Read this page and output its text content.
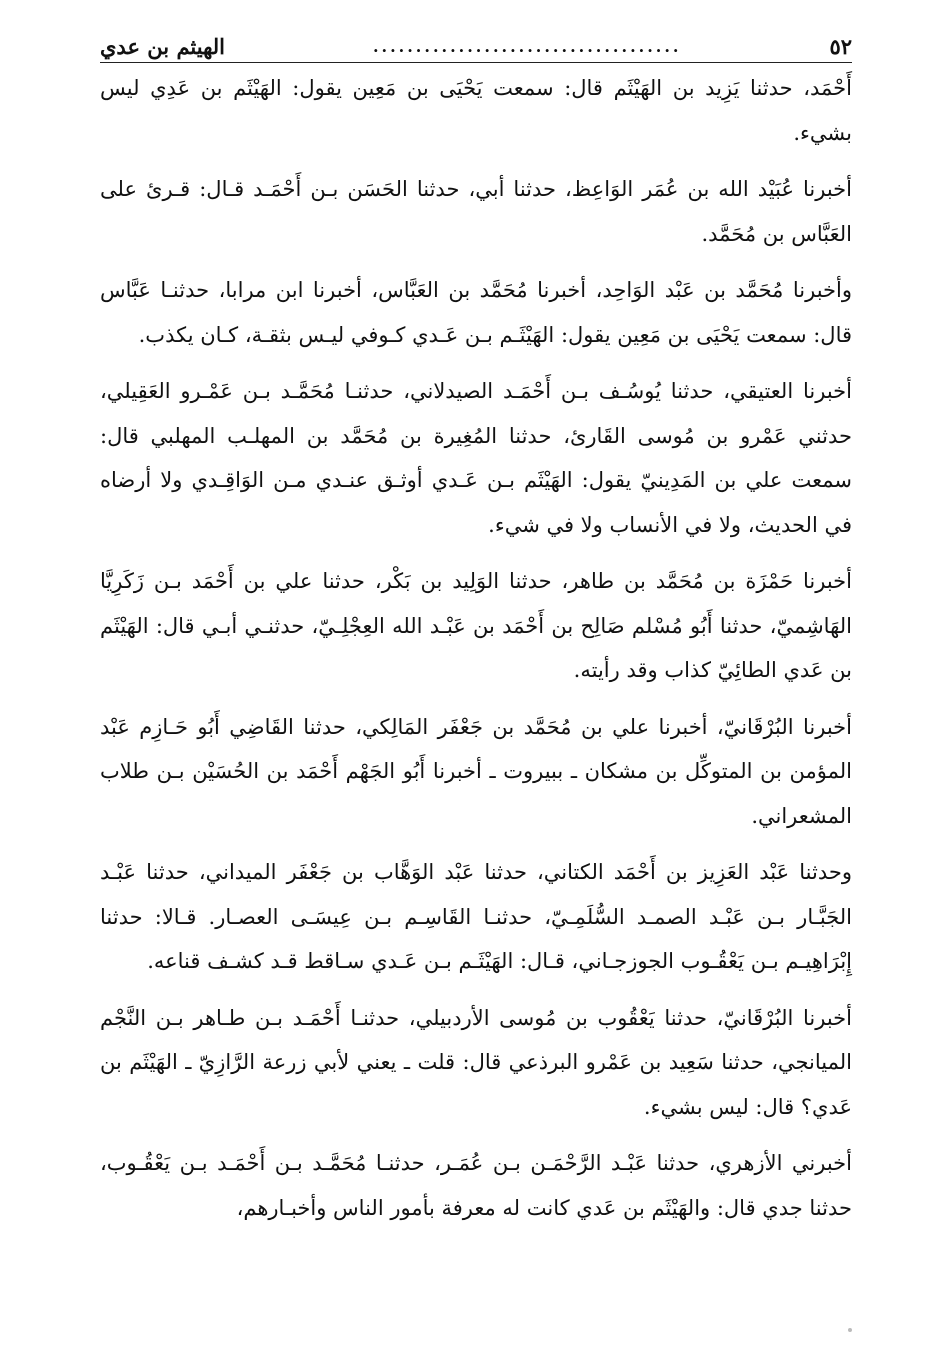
٥٢
....................................
الهيثم بن عدي

أَحْمَد، حدثنا يَزِيد بن الهَيْثَم قال: سمعت يَحْيَى بن مَعِين يقول: الهَيْثَم بن عَدِي ليس بشيء.

أخبرنا عُبَيْد الله بن عُمَر الوَاعِظ، حدثنا أبي، حدثنا الحَسَن بـن أَحْمَـد قـال: قـرئ على العَبَّاس بن مُحَمَّد.

وأخبرنا مُحَمَّد بن عَبْد الوَاحِد، أخبرنا مُحَمَّد بن العَبَّاس، أخبرنا ابن مرابا، حدثنـا عَبَّاس قال: سمعت يَحْيَى بن مَعِين يقول: الهَيْثَـم بـن عَـدي كـوفي ليـس بثقـة، كـان يكذب.

أخبرنا العتيقي، حدثنا يُوسُـف بـن أَحْمَـد الصيدلاني، حدثنـا مُحَمَّـد بـن عَمْـرو العَقِيلي، حدثني عَمْرو بن مُوسى القَارئ، حدثنا المُغِيرة بن مُحَمَّد بن المهلـب المهلبي قال: سمعت علي بن المَدِينيّ يقول: الهَيْثَم بـن عَـدي أوثـق عنـدي مـن الوَاقِـدي ولا أرضاه في الحديث، ولا في الأنساب ولا في شيء.

أخبرنا حَمْزَة بن مُحَمَّد بن طاهر، حدثنا الوَلِيد بن بَكْر، حدثنا علي بن أَحْمَد بـن زَكَرِيَّا الهَاشِميّ، حدثنا أَبُو مُسْلم صَالِح بن أَحْمَد بن عَبْـد الله العِجْلِـيّ، حدثنـي أبـي قال: الهَيْثَم بن عَدي الطائِيّ كذاب وقد رأيته.

أخبرنا البُرْقَانيّ، أخبرنا علي بن مُحَمَّد بن جَعْفَر المَالِكي، حدثنا القَاضِي أَبُو حَـازِم عَبْد المؤمن بن المتوكِّل بن مشكان ـ ببيروت ـ أخبرنا أَبُو الجَهْم أَحْمَد بن الحُسَيْن بـن طلاب المشعراني.

وحدثنا عَبْد العَزِيز بن أَحْمَد الكتاني، حدثنا عَبْد الوَهَّاب بن جَعْفَر الميداني، حدثنا عَبْـد الجَبَّـار بـن عَبْـد الصمـد السُّلَمِـيّ، حدثنـا القَاسِـم بـن عِيسَـى العصـار. قـالا: حدثنا إِبْرَاهِيـم بـن يَعْقُـوب الجوزجـاني، قـال: الهَيْثَـم بـن عَـدي سـاقط قـد كشـف قناعه.

أخبرنا البُرْقَانيّ، حدثنا يَعْقُوب بن مُوسى الأردبيلي، حدثنـا أَحْمَـد بـن طـاهر بـن النَّجْم الميانجي، حدثنا سَعِيد بن عَمْرو البرذعي قال: قلت ـ يعني لأبي زرعة الرَّازِيّ ـ الهَيْثَم بن عَدي؟ قال: ليس بشيء.

أخبرني الأزهري، حدثنا عَبْـد الرَّحْمَـن بـن عُمَـر، حدثنـا مُحَمَّـد بـن أَحْمَـد بـن يَعْقُـوب، حدثنا جدي قال: والهَيْثَم بن عَدي كانت له معرفة بأمور الناس وأخبـارهم،
